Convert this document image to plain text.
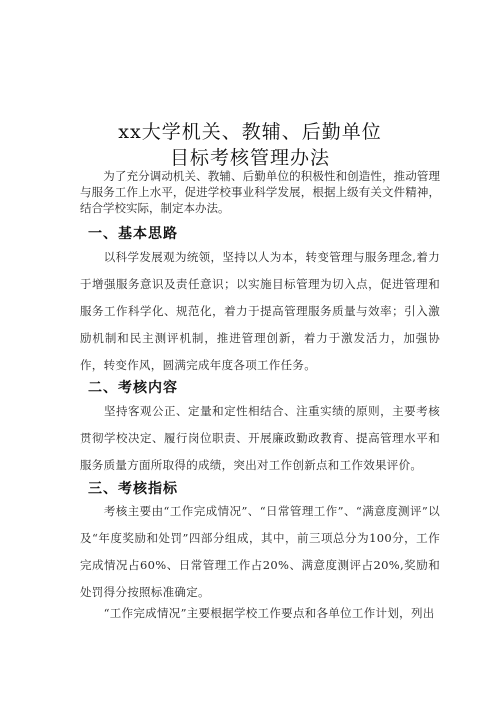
xx大学机关、教辅、后勤单位
目标考核管理办法

　　为了充分调动机关、教辅、后勤单位的积极性和创造性，推动管理与服务工作上水平，促进学校事业科学发展，根据上级有关文件精神，结合学校实际，制定本办法。

一、基本思路

　　以科学发展观为统领，坚持以人为本，转变管理与服务理念,着力于增强服务意识及责任意识；以实施目标管理为切入点，促进管理和服务工作科学化、规范化，着力于提高管理服务质量与效率；引入激励机制和民主测评机制，推进管理创新，着力于激发活力，加强协作，转变作风，圆满完成年度各项工作任务。

二、考核内容

　　坚持客观公正、定量和定性相结合、注重实绩的原则，主要考核贯彻学校决定、履行岗位职责、开展廉政勤政教育、提高管理水平和服务质量方面所取得的成绩，突出对工作创新点和工作效果评价。

三、考核指标

　　考核主要由“工作完成情况”、“日常管理工作”、“满意度测评”以及“年度奖励和处罚”四部分组成，其中，前三项总分为100分，工作完成情况占60%、日常管理工作占20%、满意度测评占20%,奖励和处罚得分按照标准确定。

　　“工作完成情况”主要根据学校工作要点和各单位工作计划，列出
